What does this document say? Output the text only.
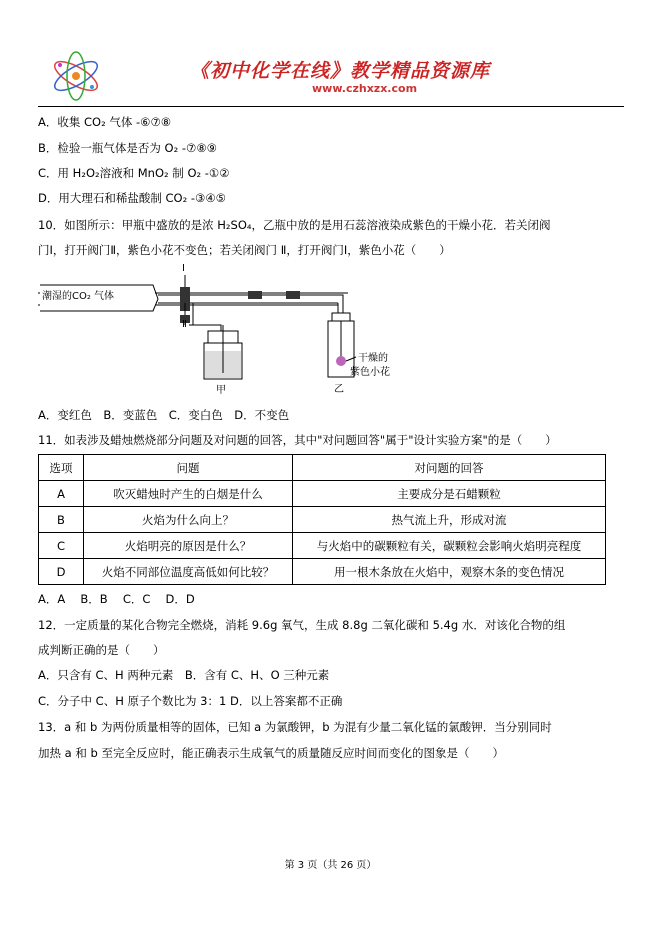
《初中化学在线》教学精品资源库
www.czhxzx.com
A．收集 CO₂ 气体 -⑥⑦⑧
B．检验一瓶气体是否为 O₂ -⑦⑧⑨
C．用 H₂O₂溶液和 MnO₂ 制 O₂ -①②
D．用大理石和稀盐酸制 CO₂ -③④⑤
10．如图所示：甲瓶中盛放的是浓 H₂SO₄，乙瓶中放的是用石蕊溶液染成紫色的干燥小花．若关闭阀
门Ⅰ，打开阀门Ⅱ，紫色小花不变色；若关闭阀门 Ⅱ，打开阀门Ⅰ，紫色小花（　　）
潮湿的CO₂ 气体
Ⅰ
Ⅱ
甲	乙
干燥的
紫色小花
A．变红色　B．变蓝色　C．变白色　D．不变色
11．如表涉及蜡烛燃烧部分问题及对问题的回答，其中"对问题回答"属于"设计实验方案"的是（　　）
选项	问题	对问题的回答
A	吹灭蜡烛时产生的白烟是什么	主要成分是石蜡颗粒
B	火焰为什么向上？	热气流上升，形成对流
C	火焰明亮的原因是什么？	与火焰中的碳颗粒有关，碳颗粒会影响火焰明亮程度
D	火焰不同部位温度高低如何比较？	用一根木条放在火焰中，观察木条的变色情况
A．A　 B．B　 C．C　 D．D
12．一定质量的某化合物完全燃烧，消耗 9.6g 氧气，生成 8.8g 二氧化碳和 5.4g 水．对该化合物的组
成判断正确的是（　　）
A．只含有 C、H 两种元素　B．含有 C、H、O 三种元素
C．分子中 C、H 原子个数比为 3：1 D．以上答案都不正确
13．a 和 b 为两份质量相等的固体，已知 a 为氯酸钾，b 为混有少量二氧化锰的氯酸钾．当分别同时
加热 a 和 b 至完全反应时，能正确表示生成氧气的质量随反应时间而变化的图象是（　　）
第 3 页（共 26 页）
